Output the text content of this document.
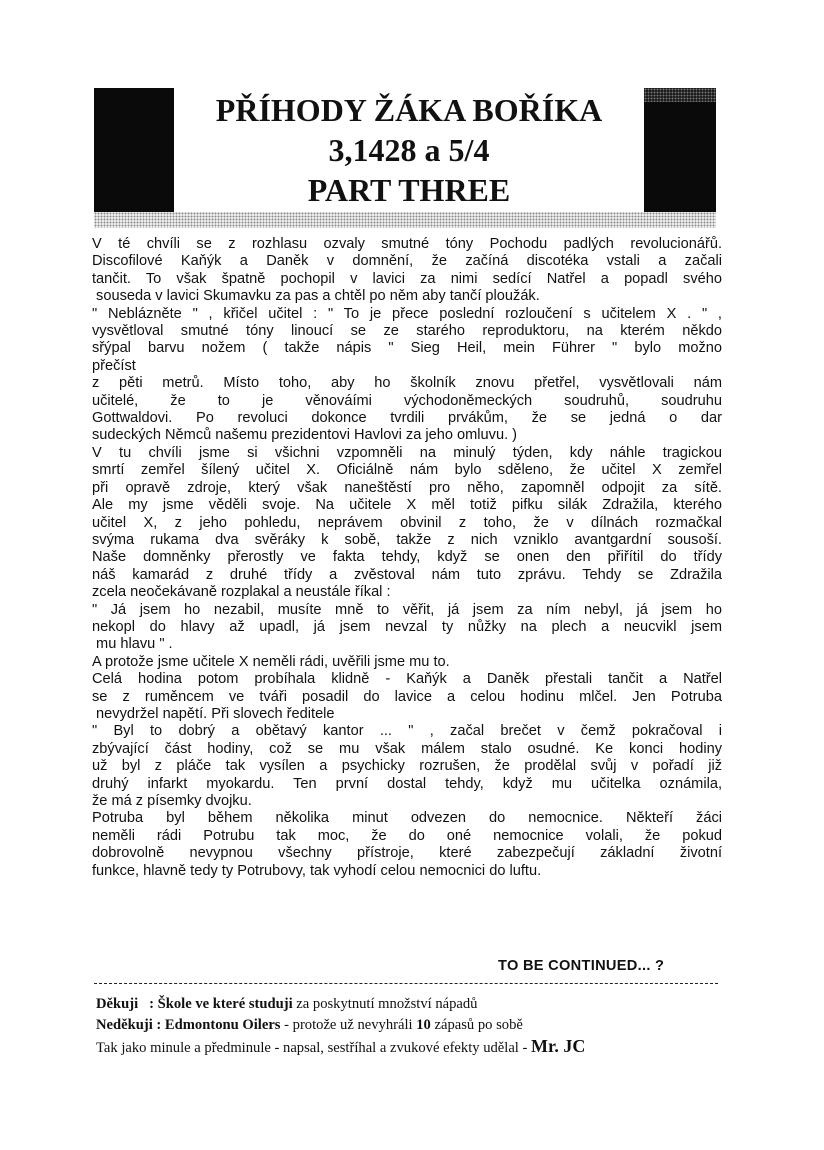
PŘÍHODY ŽÁKA BOŘÍKA
3,1428 a 5/4
PART THREE
V té chvíli se z rozhlasu ozvaly smutné tóny Pochodu padlých revolucionářů.
Discofilové Kaňýk a Daněk v domnění, že začíná discotéka vstali a začali
tančit. To však špatně pochopil v lavici za nimi sedící Natřel a popadl svého
souseda v lavici Skumavku za pas a chtěl po něm aby tančí ploužák.
" Neblázněte " , křičel učitel : " To je přece poslední rozloučení s učitelem X . " ,
vysvětloval smutné tóny linoucí se ze starého reproduktoru, na kterém někdo
sřýpal barvu nožem ( takže nápis " Sieg Heil, mein Führer " bylo možno
přečíst
z pěti metrů. Místo toho, aby ho školník znovu přetřel, vysvětlovali nám
učitelé, že to je věnováími východoněmeckých soudruhů, soudruhu
Gottwaldovi. Po revoluci dokonce tvrdili prvákům, že se jedná o dar
sudeckých Němců našemu prezidentovi Havlovi za jeho omluvu. )
V tu chvíli jsme si všichni vzpomněli na minulý týden, kdy náhle tragickou
smrtí zemřel šílený učitel X. Oficiálně nám bylo sděleno, že učitel X zemřel
při opravě zdroje, který však naneštěstí pro něho, zapomněl odpojit za sítě.
Ale my jsme věděli svoje. Na učitele X měl totiž pifku silák Zdražila, kterého
učitel X, z jeho pohledu, neprávem obvinil z toho, že v dílnách rozmačkal
svýma rukama dva svěráky k sobě, takže z nich vzniklo avantgardní sousoší.
Naše domněnky přerostly ve fakta tehdy, když se onen den přiřítil do třídy
náš kamarád z druhé třídy a zvěstoval nám tuto zprávu. Tehdy se Zdražila
zcela neočekávaně rozplakal a neustále říkal :
" Já jsem ho nezabil, musíte mně to věřit, já jsem za ním nebyl, já jsem ho
nekopl do hlavy až upadl, já jsem nevzal ty nůžky na plech a neucvikl jsem
mu hlavu " .
A protože jsme učitele X neměli rádi, uvěřili jsme mu to.
Celá hodina potom probíhala klidně - Kaňýk a Daněk přestali tančit a Natřel
se z ruměncem ve tváři posadil do lavice a celou hodinu mlčel. Jen Potruba
nevydržel napětí. Při slovech ředitele
" Byl to dobrý a obětavý kantor ... " , začal brečet v čemž pokračoval i
zbývající část hodiny, což se mu však málem stalo osudné. Ke konci hodiny
už byl z pláče tak vysílen a psychicky rozrušen, že prodělal svůj v pořadí již
druhý infarkt myokardu. Ten první dostal tehdy, když mu učitelka oznámila,
že má z písemky dvojku.
Potruba byl během několika minut odvezen do nemocnice. Někteří žáci
neměli rádi Potrubu tak moc, že do oné nemocnice volali, že pokud
dobrovolně nevypnou všechny přístroje, které zabezpečují základní životní
funkce, hlavně tedy ty Potrubovy, tak vyhodí celou nemocnici do luftu.
TO BE CONTINUED... ?
Děkuji : Škole ve které studuji za poskytnutí množství nápadů
Neděkuji : Edmontonu Oilers - protože už nevyhráli 10 zápasů po sobě
Tak jako minule a předminule - napsal, sestříhal a zvukové efekty udělal - Mr. JC
